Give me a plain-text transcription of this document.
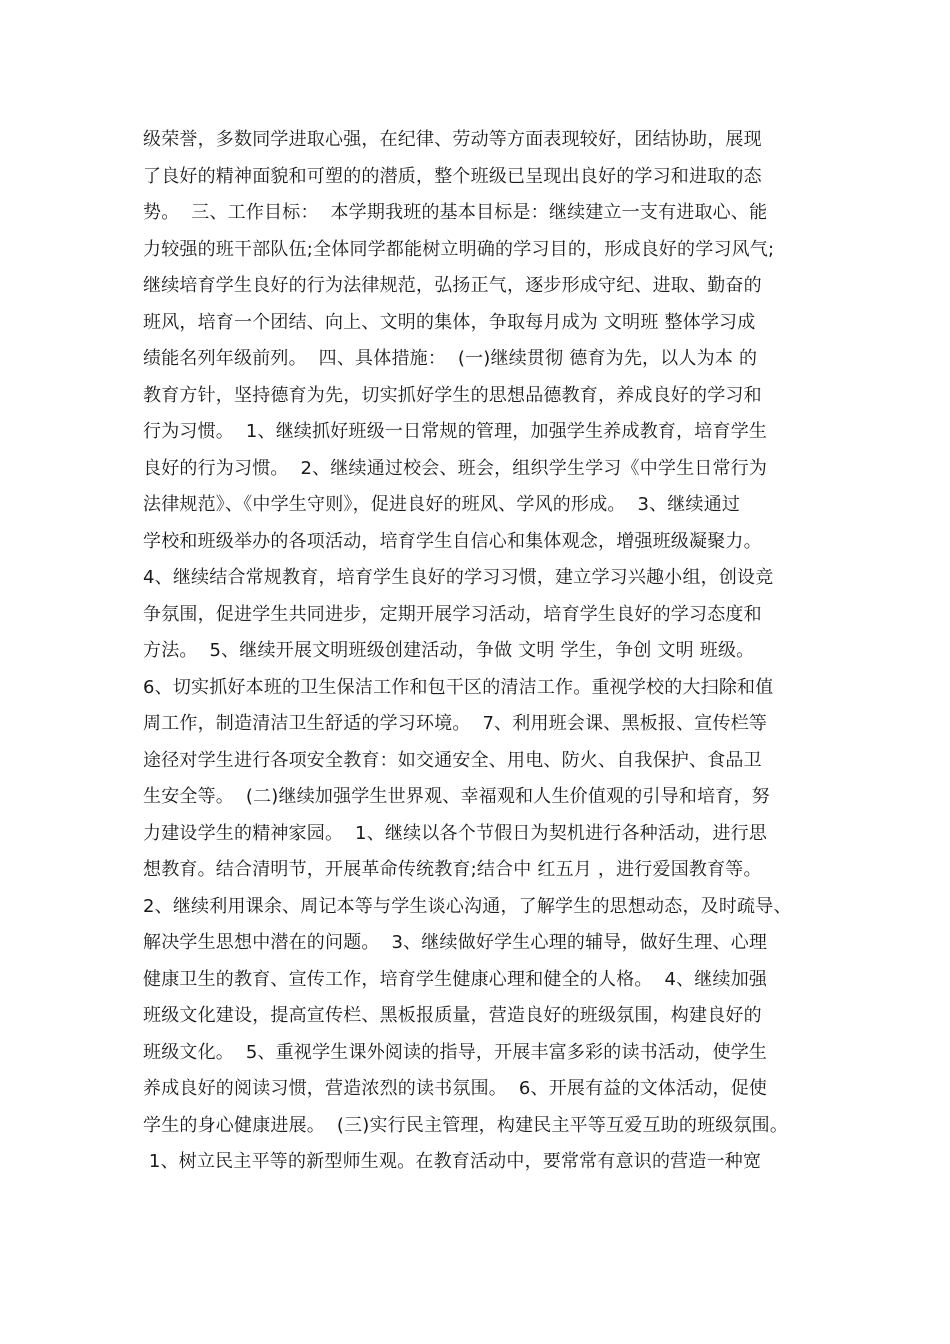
级荣誉，多数同学进取心强，在纪律、劳动等方面表现较好，团结协助，展现
了良好的精神面貌和可塑的的潜质，整个班级已呈现出良好的学习和进取的态
势。  三、工作目标：  本学期我班的基本目标是：继续建立一支有进取心、能
力较强的班干部队伍;全体同学都能树立明确的学习目的，形成良好的学习风气;
继续培育学生良好的行为法律规范，弘扬正气，逐步形成守纪、进取、勤奋的
班风，培育一个团结、向上、文明的集体，争取每月成为 文明班 整体学习成
绩能名列年级前列。  四、具体措施：  (一)继续贯彻 德育为先，以人为本 的
教育方针，坚持德育为先，切实抓好学生的思想品德教育，养成良好的学习和
行为习惯。  1、继续抓好班级一日常规的管理，加强学生养成教育，培育学生
良好的行为习惯。  2、继续通过校会、班会，组织学生学习《中学生日常行为
法律规范》、《中学生守则》，促进良好的班风、学风的形成。  3、继续通过
学校和班级举办的各项活动，培育学生自信心和集体观念，增强班级凝聚力。
4、继续结合常规教育，培育学生良好的学习习惯，建立学习兴趣小组，创设竞
争氛围，促进学生共同进步，定期开展学习活动，培育学生良好的学习态度和
方法。  5、继续开展文明班级创建活动，争做 文明 学生，争创 文明 班级。
6、切实抓好本班的卫生保洁工作和包干区的清洁工作。重视学校的大扫除和值
周工作，制造清洁卫生舒适的学习环境。  7、利用班会课、黑板报、宣传栏等
途径对学生进行各项安全教育：如交通安全、用电、防火、自我保护、食品卫
生安全等。  (二)继续加强学生世界观、幸福观和人生价值观的引导和培育，努
力建设学生的精神家园。  1、继续以各个节假日为契机进行各种活动，进行思
想教育。结合清明节，开展革命传统教育;结合中 红五月 ，进行爱国教育等。
2、继续利用课余、周记本等与学生谈心沟通，了解学生的思想动态，及时疏导、
解决学生思想中潜在的问题。  3、继续做好学生心理的辅导，做好生理、心理
健康卫生的教育、宣传工作，培育学生健康心理和健全的人格。  4、继续加强
班级文化建设，提高宣传栏、黑板报质量，营造良好的班级氛围，构建良好的
班级文化。  5、重视学生课外阅读的指导，开展丰富多彩的读书活动，使学生
养成良好的阅读习惯，营造浓烈的读书氛围。  6、开展有益的文体活动，促使
学生的身心健康进展。  (三)实行民主管理，构建民主平等互爱互助的班级氛围。
1、树立民主平等的新型师生观。在教育活动中，要常常有意识的营造一种宽
